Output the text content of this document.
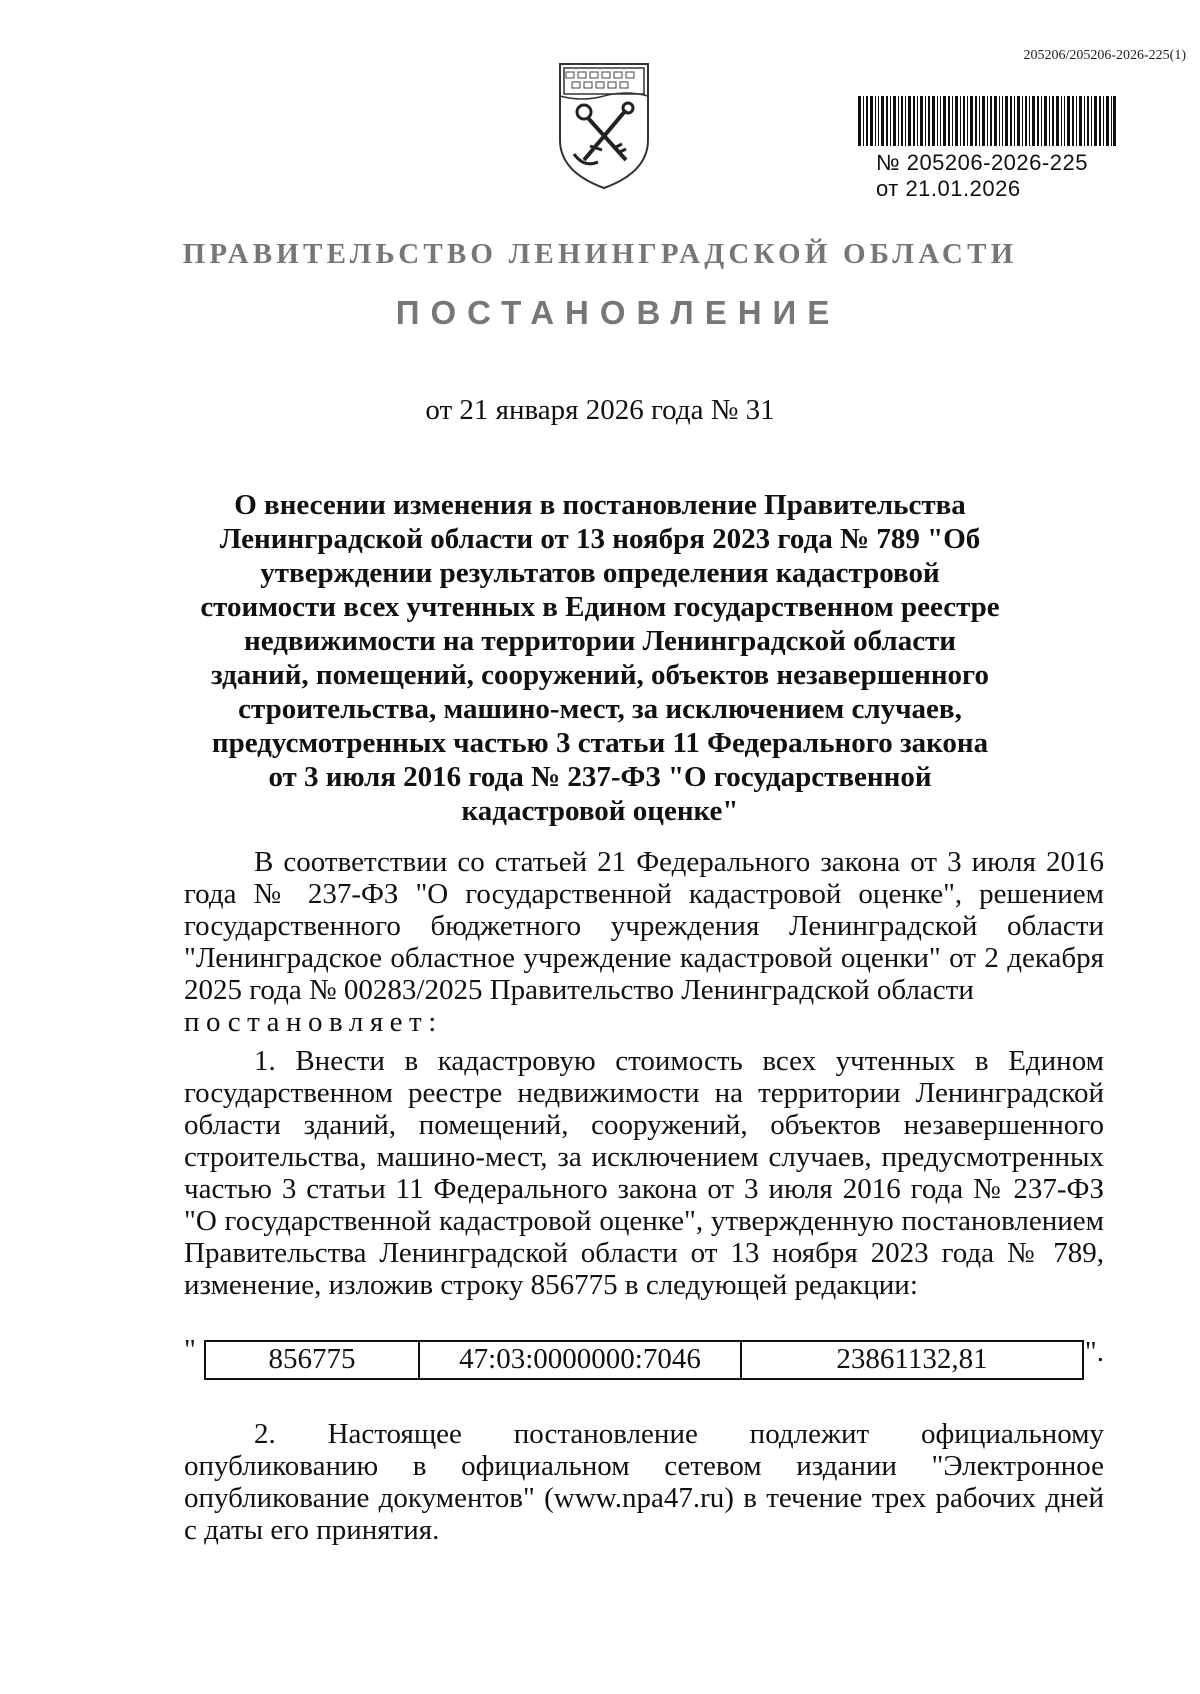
205206/205206-2026-225(1)
№ 205206-2026-225
от 21.01.2026
ПРАВИТЕЛЬСТВО ЛЕНИНГРАДСКОЙ ОБЛАСТИ
ПОСТАНОВЛЕНИЕ
от 21 января 2026 года № 31
О внесении изменения в постановление Правительства Ленинградской области от 13 ноября 2023 года № 789 "Об утверждении результатов определения кадастровой стоимости всех учтенных в Едином государственном реестре недвижимости на территории Ленинградской области зданий, помещений, сооружений, объектов незавершенного строительства, машино-мест, за исключением случаев, предусмотренных частью 3 статьи 11 Федерального закона от 3 июля 2016 года № 237-ФЗ "О государственной кадастровой оценке"
В соответствии со статьей 21 Федерального закона от 3 июля 2016 года № 237-ФЗ "О государственной кадастровой оценке", решением государственного бюджетного учреждения Ленинградской области "Ленинградское областное учреждение кадастровой оценки" от 2 декабря 2025 года № 00283/2025 Правительство Ленинградской области
постановляет:
1. Внести в кадастровую стоимость всех учтенных в Едином государственном реестре недвижимости на территории Ленинградской области зданий, помещений, сооружений, объектов незавершенного строительства, машино-мест, за исключением случаев, предусмотренных частью 3 статьи 11 Федерального закона от 3 июля 2016 года № 237-ФЗ "О государственной кадастровой оценке", утвержденную постановлением Правительства Ленинградской области от 13 ноября 2023 года № 789, изменение, изложив строку 856775 в следующей редакции:
"	856775	47:03:0000000:7046	23861132,81	".
2. Настоящее постановление подлежит официальному опубликованию в официальном сетевом издании "Электронное опубликование документов" (www.npa47.ru) в течение трех рабочих дней с даты его принятия.
